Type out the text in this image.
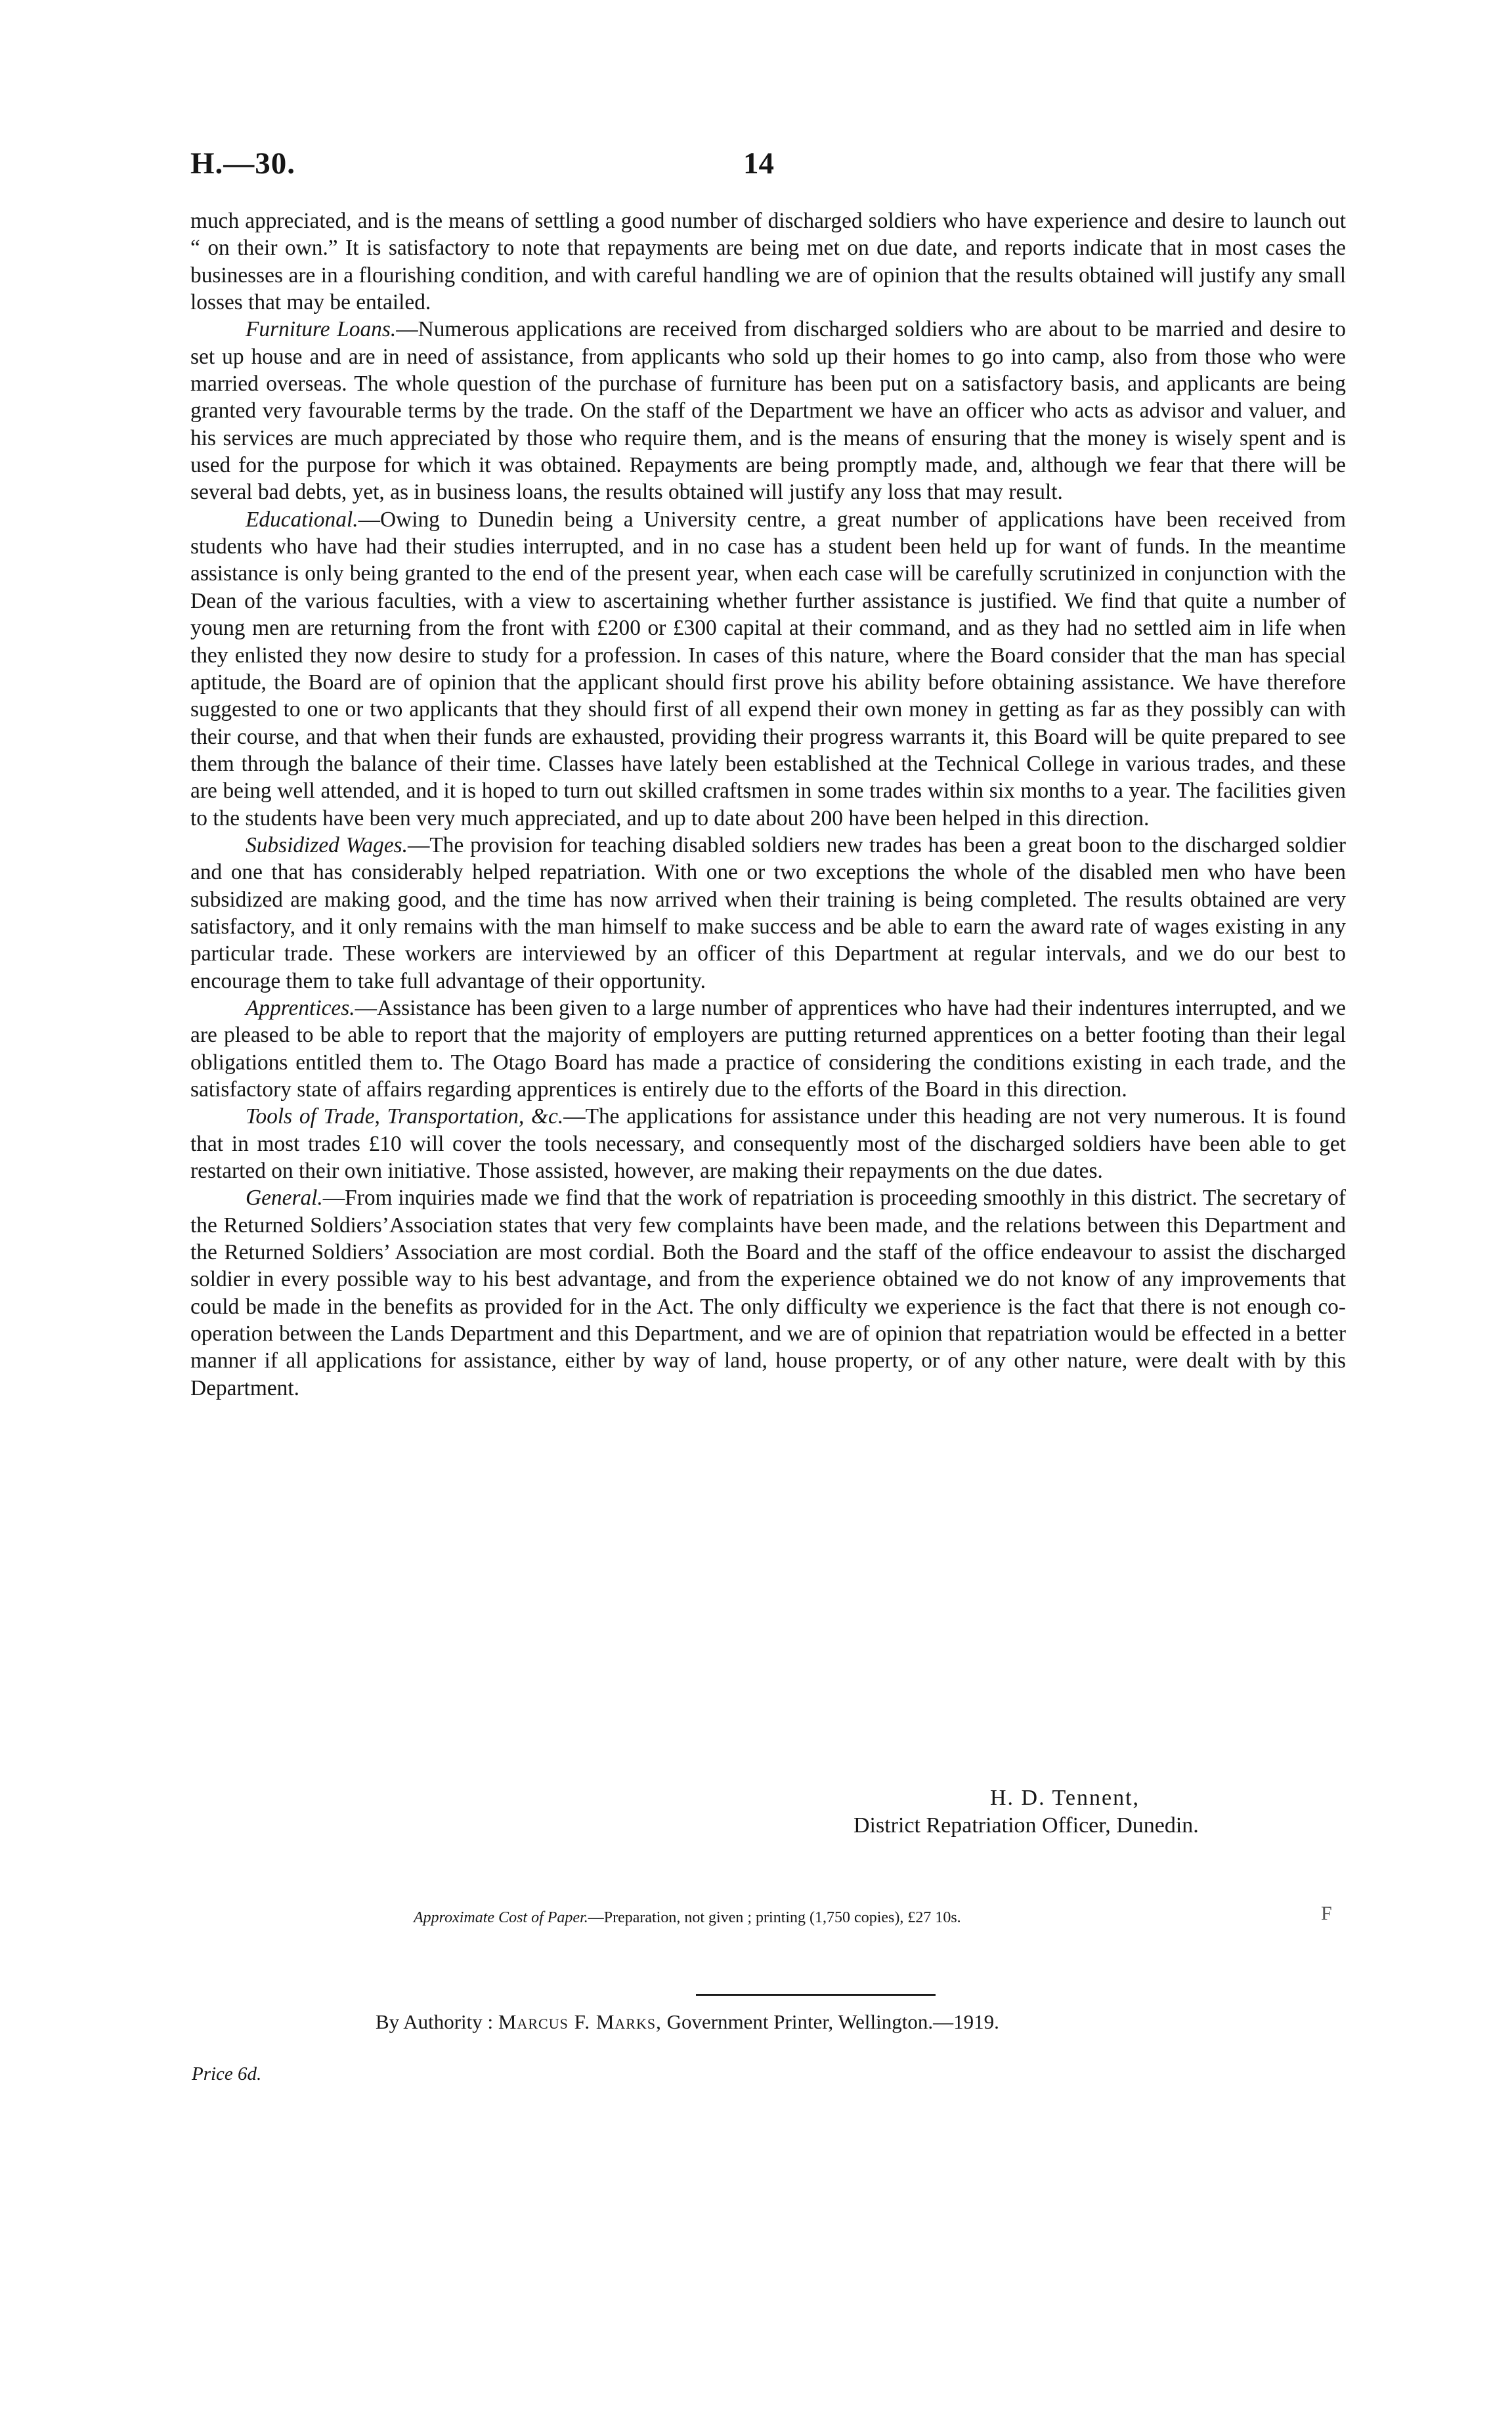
H.—30.	14

much appreciated, and is the means of settling a good number of discharged soldiers who have experience and desire to launch out “ on their own.” It is satisfactory to note that repayments are being met on due date, and reports indicate that in most cases the businesses are in a flourishing condition, and with careful handling we are of opinion that the results obtained will justify any small losses that may be entailed.

Furniture Loans.—Numerous applications are received from discharged soldiers who are about to be married and desire to set up house and are in need of assistance, from applicants who sold up their homes to go into camp, also from those who were married overseas. The whole question of the purchase of furniture has been put on a satisfactory basis, and applicants are being granted very favourable terms by the trade. On the staff of the Department we have an officer who acts as advisor and valuer, and his services are much appreciated by those who require them, and is the means of ensuring that the money is wisely spent and is used for the purpose for which it was obtained. Repayments are being promptly made, and, although we fear that there will be several bad debts, yet, as in business loans, the results obtained will justify any loss that may result.

Educational.—Owing to Dunedin being a University centre, a great number of applications have been received from students who have had their studies interrupted, and in no case has a student been held up for want of funds. In the meantime assistance is only being granted to the end of the present year, when each case will be carefully scrutinized in conjunction with the Dean of the various faculties, with a view to ascertaining whether further assistance is justified. We find that quite a number of young men are returning from the front with £200 or £300 capital at their command, and as they had no settled aim in life when they enlisted they now desire to study for a profession. In cases of this nature, where the Board consider that the man has special aptitude, the Board are of opinion that the applicant should first prove his ability before obtaining assistance. We have therefore suggested to one or two applicants that they should first of all expend their own money in getting as far as they possibly can with their course, and that when their funds are exhausted, providing their progress warrants it, this Board will be quite prepared to see them through the balance of their time. Classes have lately been established at the Technical College in various trades, and these are being well attended, and it is hoped to turn out skilled craftsmen in some trades within six months to a year. The facilities given to the students have been very much appreciated, and up to date about 200 have been helped in this direction.

Subsidized Wages.—The provision for teaching disabled soldiers new trades has been a great boon to the discharged soldier and one that has considerably helped repatriation. With one or two exceptions the whole of the disabled men who have been subsidized are making good, and the time has now arrived when their training is being completed. The results obtained are very satisfactory, and it only remains with the man himself to make success and be able to earn the award rate of wages existing in any particular trade. These workers are interviewed by an officer of this Department at regular intervals, and we do our best to encourage them to take full advantage of their opportunity.

Apprentices.—Assistance has been given to a large number of apprentices who have had their indentures interrupted, and we are pleased to be able to report that the majority of employers are putting returned apprentices on a better footing than their legal obligations entitled them to. The Otago Board has made a practice of considering the conditions existing in each trade, and the satisfactory state of affairs regarding apprentices is entirely due to the efforts of the Board in this direction.

Tools of Trade, Transportation, &c.—The applications for assistance under this heading are not very numerous. It is found that in most trades £10 will cover the tools necessary, and consequently most of the discharged soldiers have been able to get restarted on their own initiative. Those assisted, however, are making their repayments on the due dates.

General.—From inquiries made we find that the work of repatriation is proceeding smoothly in this district. The secretary of the Returned Soldiers’Association states that very few complaints have been made, and the relations between this Department and the Returned Soldiers’ Association are most cordial. Both the Board and the staff of the office endeavour to assist the discharged soldier in every possible way to his best advantage, and from the experience obtained we do not know of any improvements that could be made in the benefits as provided for in the Act. The only difficulty we experience is the fact that there is not enough co-operation between the Lands Department and this Department, and we are of opinion that repatriation would be effected in a better manner if all applications for assistance, either by way of land, house property, or of any other nature, were dealt with by this Department.

H. D. Tennent,
District Repatriation Officer, Dunedin.
Approximate Cost of Paper.—Preparation, not given ; printing (1,750 copies), £27 10s.	F
By Authority : Marcus F. Marks, Government Printer, Wellington.—1919.
Price 6d.
